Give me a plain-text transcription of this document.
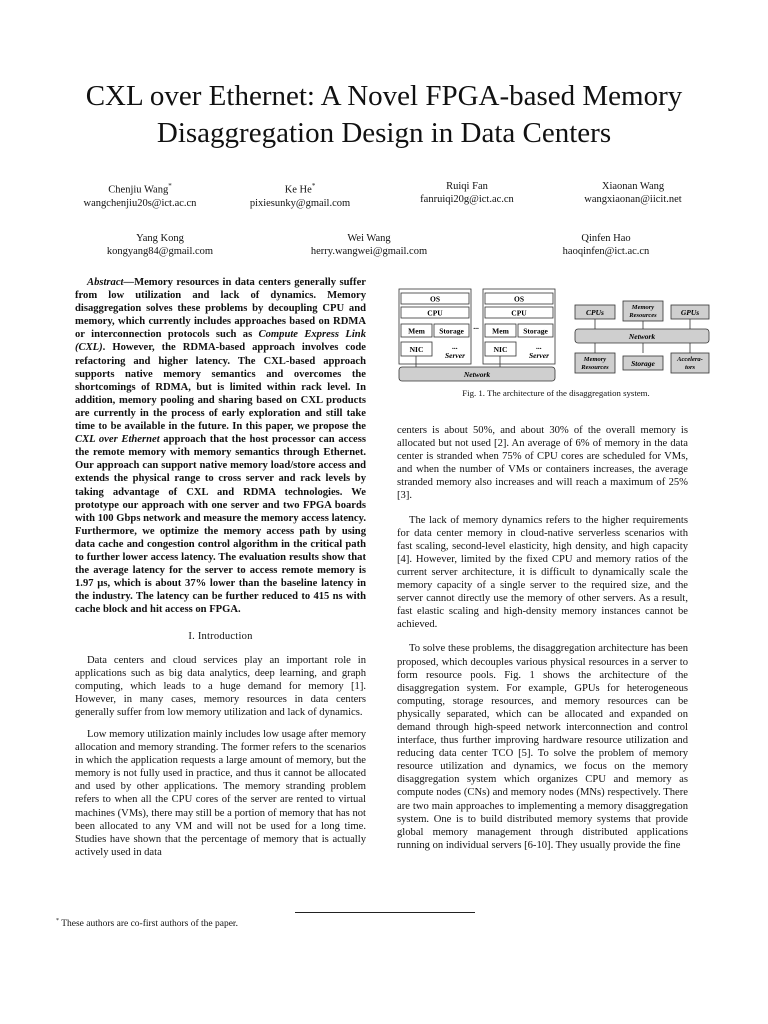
CXL over Ethernet: A Novel FPGA-based Memory
Disaggregation Design in Data Centers
Chenjiu Wang*
wangchenjiu20s@ict.ac.cn
Ke He*
pixiesunky@gmail.com
Ruiqi Fan
fanruiqi20g@ict.ac.cn
Xiaonan Wang
wangxiaonan@iicit.net
Yang Kong
kongyang84@gmail.com
Wei Wang
herry.wangwei@gmail.com
Qinfen Hao
haoqinfen@ict.ac.cn

Abstract—Memory resources in data centers generally suffer from low utilization and lack of dynamics. Memory disaggregation solves these problems by decoupling CPU and memory, which currently includes approaches based on RDMA or interconnection protocols such as Compute Express Link (CXL). However, the RDMA-based approach involves code refactoring and higher latency. The CXL-based approach supports native memory semantics and overcomes the shortcomings of RDMA, but is limited within rack level. In addition, memory pooling and sharing based on CXL products are currently in the process of early exploration and still take time to be available in the future. In this paper, we propose the CXL over Ethernet approach that the host processor can access the remote memory with memory semantics through Ethernet. Our approach can support native memory load/store access and extends the physical range to cross server and rack levels by taking advantage of CXL and RDMA technologies. We prototype our approach with one server and two FPGA boards with 100 Gbps network and measure the memory access latency. Furthermore, we optimize the memory access path by using data cache and congestion control algorithm in the critical path to further lower access latency. The evaluation results show that the average latency for the server to access remote memory is 1.97 µs, which is about 37% lower than the baseline latency in the industry. The latency can be further reduced to 415 ns with cache block and hit access on FPGA.

I. Introduction

Data centers and cloud services play an important role in applications such as big data analytics, deep learning, and graph computing, which leads to a huge demand for memory [1]. However, in many cases, memory resources in data centers generally suffer from low memory utilization and lack of dynamics.

Low memory utilization mainly includes low usage after memory allocation and memory stranding. The former refers to the scenarios in which the application requests a large amount of memory, but the memory is not fully used in practice, and thus it cannot be allocated and used by other applications. The memory stranding problem refers to when all the CPU cores of the server are rented to virtual machines (VMs), there may still be a portion of memory that has not been allocated to any VM and will not be used for a long time. Studies have shown that the percentage of memory that is actually actively used in data

OS
CPU
Mem Storage
NIC	...
Server
...
OS
CPU
Mem Storage
NIC	...
Server
Network
CPUs
Memory
Resources	GPUs
Network
Memory
Resources	Storage	Accelera-
tors
Fig. 1. The architecture of the disaggregation system.

centers is about 50%, and about 30% of the overall memory is allocated but not used [2]. An average of 6% of memory in the data center is stranded when 75% of CPU cores are scheduled for VMs, and when the number of VMs or containers increases, the average stranded memory also increases and will reach a maximum of 25% [3].

The lack of memory dynamics refers to the higher requirements for data center memory in cloud-native serverless scenarios with fast scaling, second-level elasticity, high density, and high capacity [4]. However, limited by the fixed CPU and memory ratios of the current server architecture, it is difficult to dynamically scale the memory capacity of a single server to the required size, and the server cannot directly use the memory of other servers. As a result, fast elastic scaling and high-density memory instances cannot be achieved.

To solve these problems, the disaggregation architecture has been proposed, which decouples various physical resources in a server to form resource pools. Fig. 1 shows the architecture of the disaggregation system. For example, GPUs for heterogeneous computing, storage resources, and memory resources can be physically separated, which can be allocated and expanded on demand through high-speed network interconnection and control interface, thus further improving hardware resource utilization and reducing data center TCO [5]. To solve the problem of memory resource utilization and dynamics, we focus on the memory disaggregation system which organizes CPU and memory as compute nodes (CNs) and memory nodes (MNs) respectively. There are two main approaches to implementing a memory disaggregation system. One is to build distributed memory systems that provide global memory management through distributed applications running on individual servers [6-10]. They usually provide the fine

* These authors are co-first authors of the paper.
